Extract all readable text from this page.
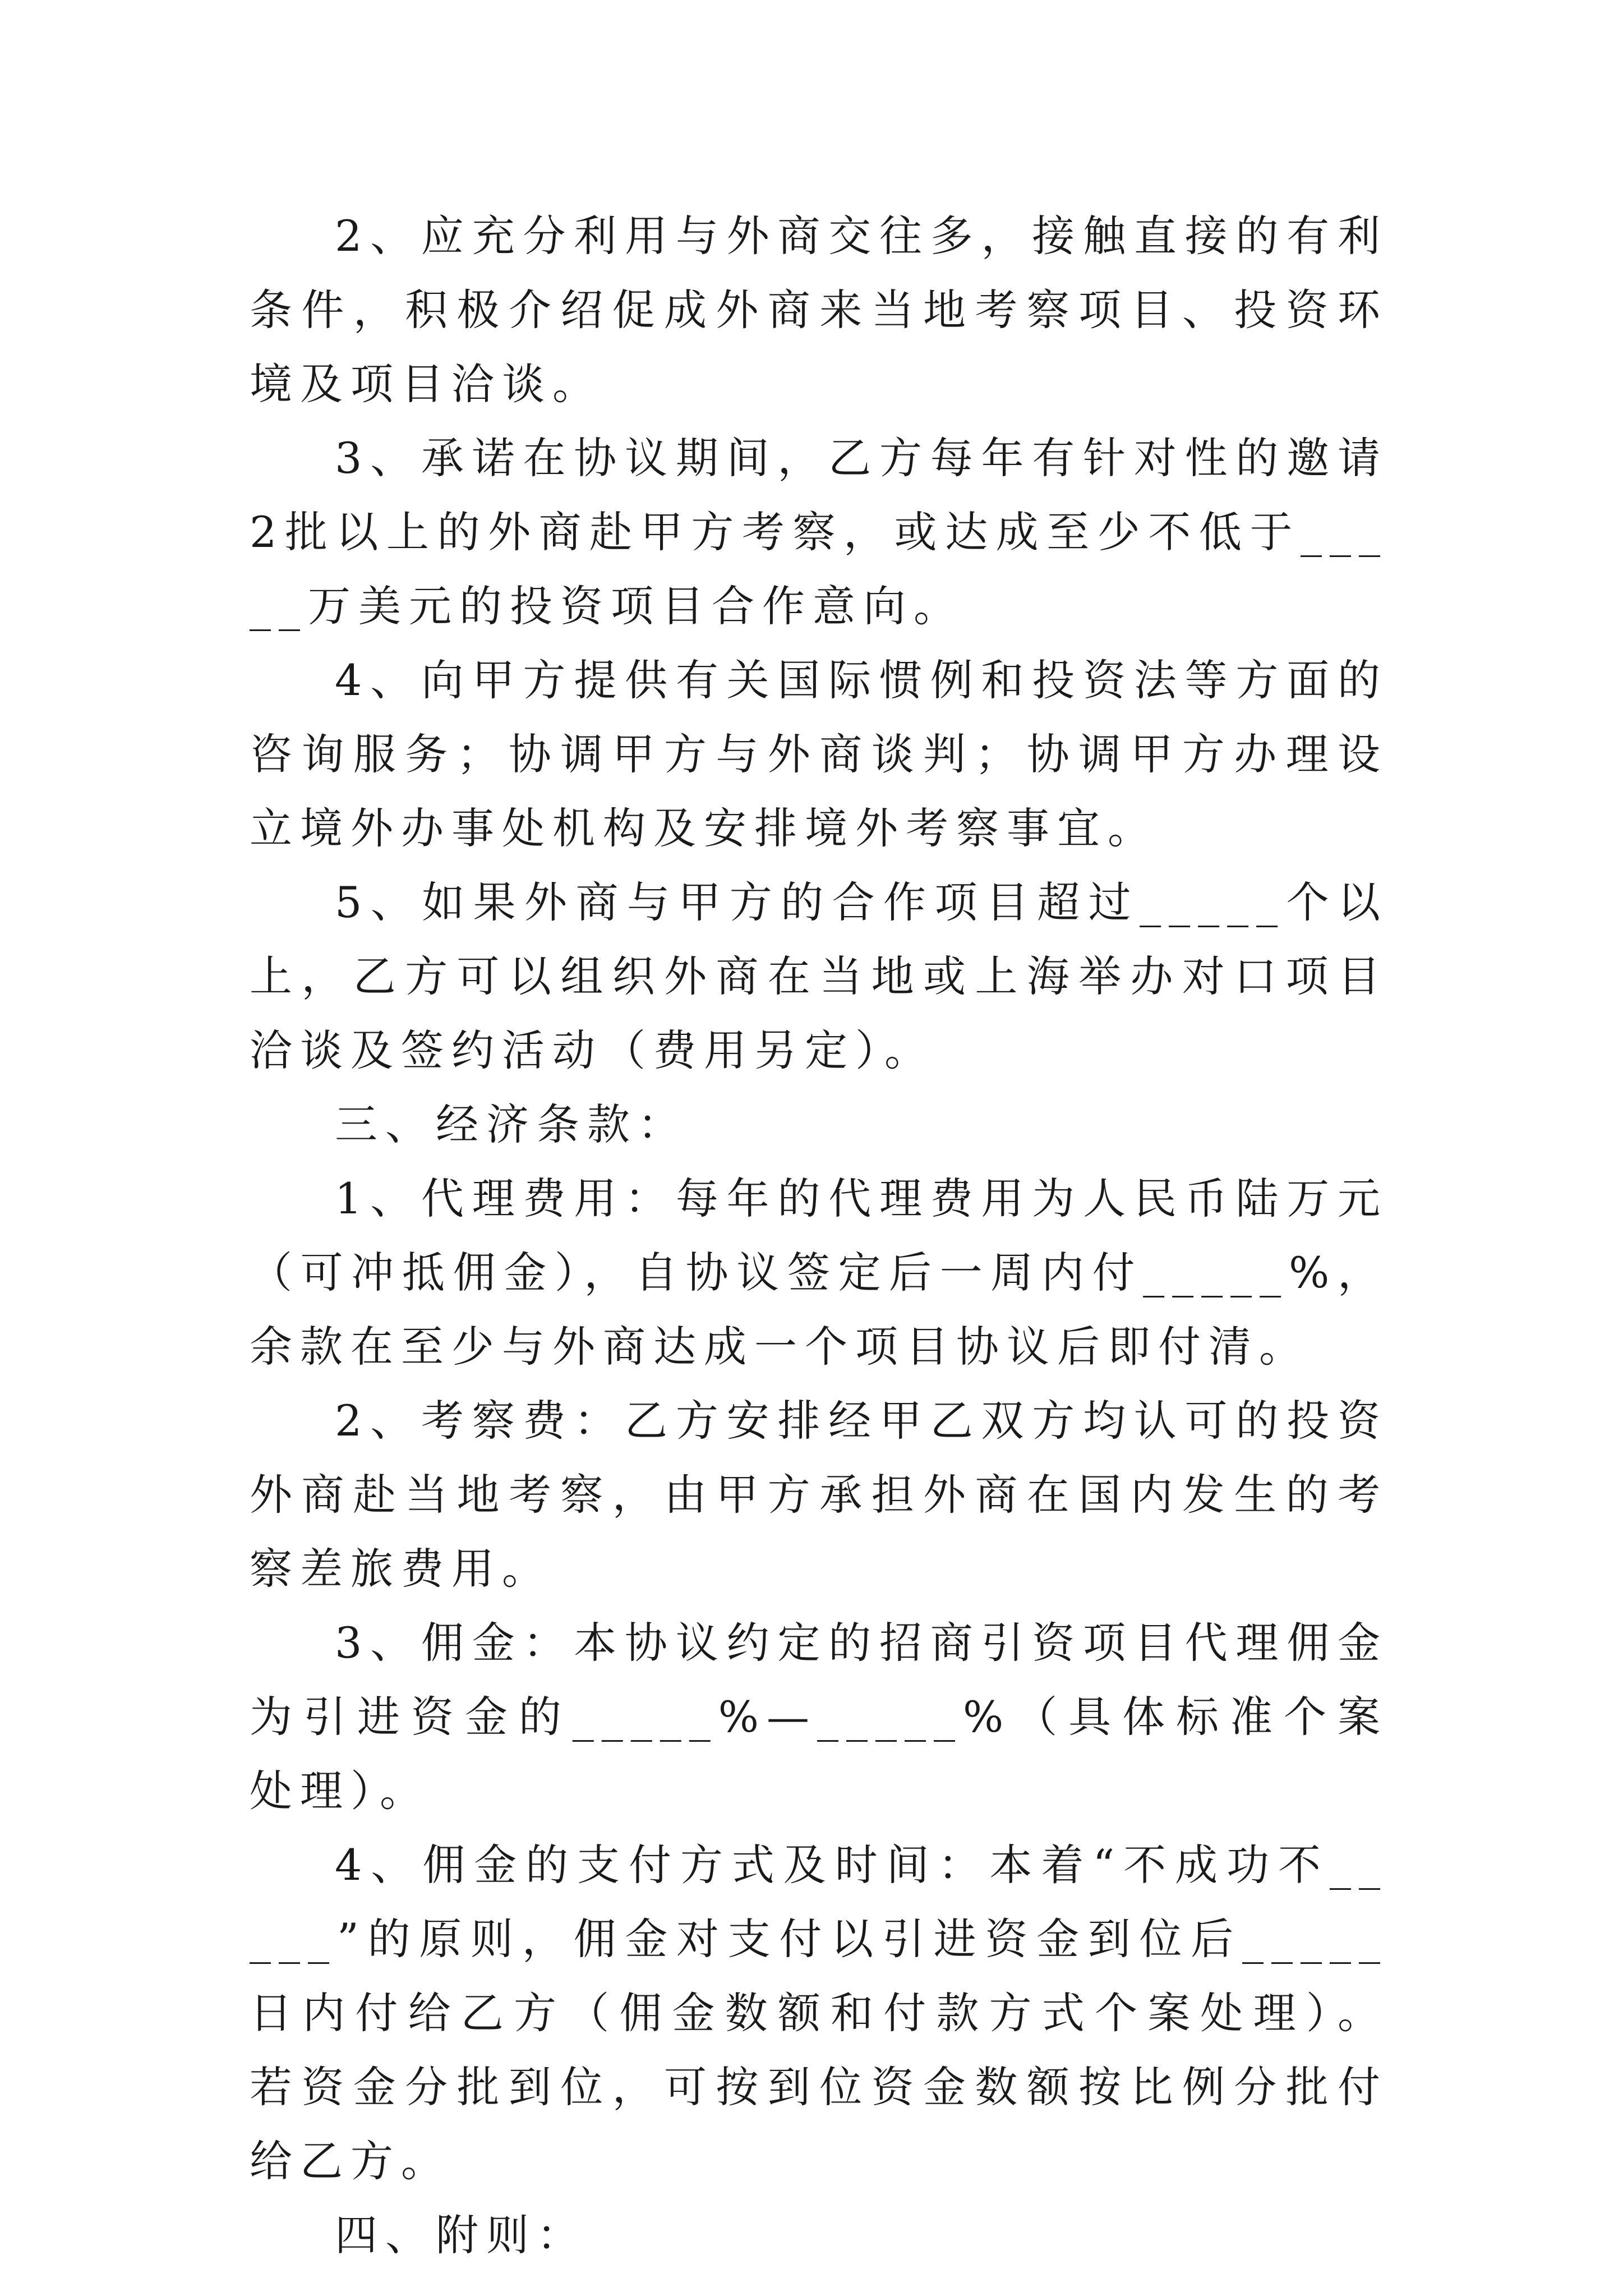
2、应充分利用与外商交往多，接触直接的有利条件，积极介绍促成外商来当地考察项目、投资环境及项目洽谈。

3、承诺在协议期间，乙方每年有针对性的邀请2批以上的外商赴甲方考察，或达成至少不低于_____万美元的投资项目合作意向。

4、向甲方提供有关国际惯例和投资法等方面的咨询服务；协调甲方与外商谈判；协调甲方办理设立境外办事处机构及安排境外考察事宜。

5、如果外商与甲方的合作项目超过_____个以上，乙方可以组织外商在当地或上海举办对口项目洽谈及签约活动（费用另定）。

三、经济条款：

1、代理费用：每年的代理费用为人民币陆万元（可冲抵佣金），自协议签定后一周内付_____%，余款在至少与外商达成一个项目协议后即付清。

2、考察费：乙方安排经甲乙双方均认可的投资外商赴当地考察，由甲方承担外商在国内发生的考察差旅费用。

3、佣金：本协议约定的招商引资项目代理佣金为引进资金的_____%—_____%（具体标准个案处理）。

4、佣金的支付方式及时间：本着“不成功不_____”的原则，佣金对支付以引进资金到位后_____日内付给乙方（佣金数额和付款方式个案处理）。若资金分批到位，可按到位资金数额按比例分批付给乙方。

四、附则：
